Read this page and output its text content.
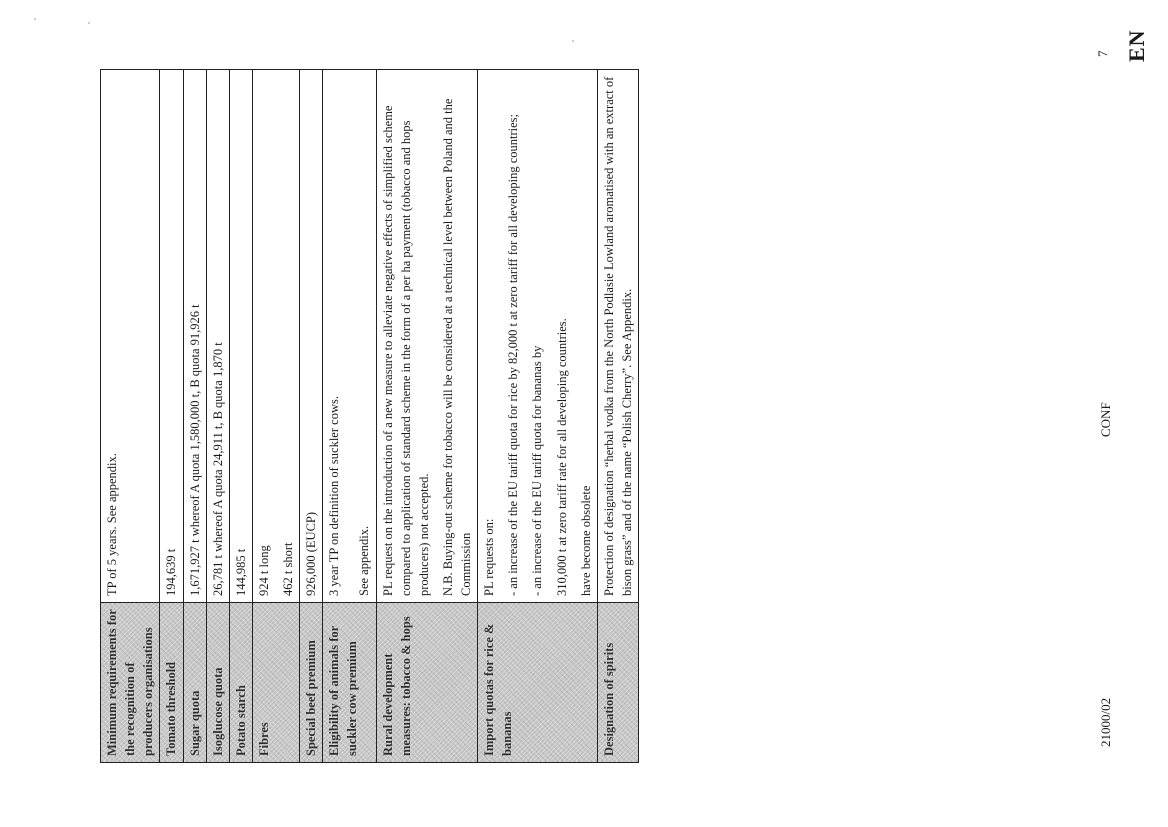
Minimum requirements for the recognition of producers organisations	TP of 5 years. See appendix.

Tomato threshold	194,639 t

Sugar quota	1,671,927 t whereof A quota 1,580,000 t, B quota 91,926 t

Isoglucose quota	26,781 t whereof A quota 24,911 t, B quota 1,870 t

Potato starch	144,985 t

Fibres	924 t long 462 t short

Special beef premium	926,000 (EUCP)

Eligibility of animals for suckler cow premium	3 year TP on definition of suckler cows. See appendix.

Rural development measures: tobacco & hops	PL request on the introduction of a new measure to alleviate negative effects of simplified scheme compared to application of standard scheme in the form of a per ha payment (tobacco and hops producers) not accepted. N.B. Buying-out scheme for tobacco will be considered at a technical level between Poland and the Commission

Import quotas for rice & bananas	PL requests on: - an increase of the EU tariff quota for rice by 82,000 t at zero tariff for all developing countries; - an increase of the EU tariff quota for bananas by 310,000 t at zero tariff rate for all developing countries. have become obsolete

Designation of spirits	Protection of designation “herbal vodka from the North Podlasie Lowland aromatised with an extract of bison grass” and of the name “Polish Cherry”. See Appendix.

21000/02
CONF
7 EN
